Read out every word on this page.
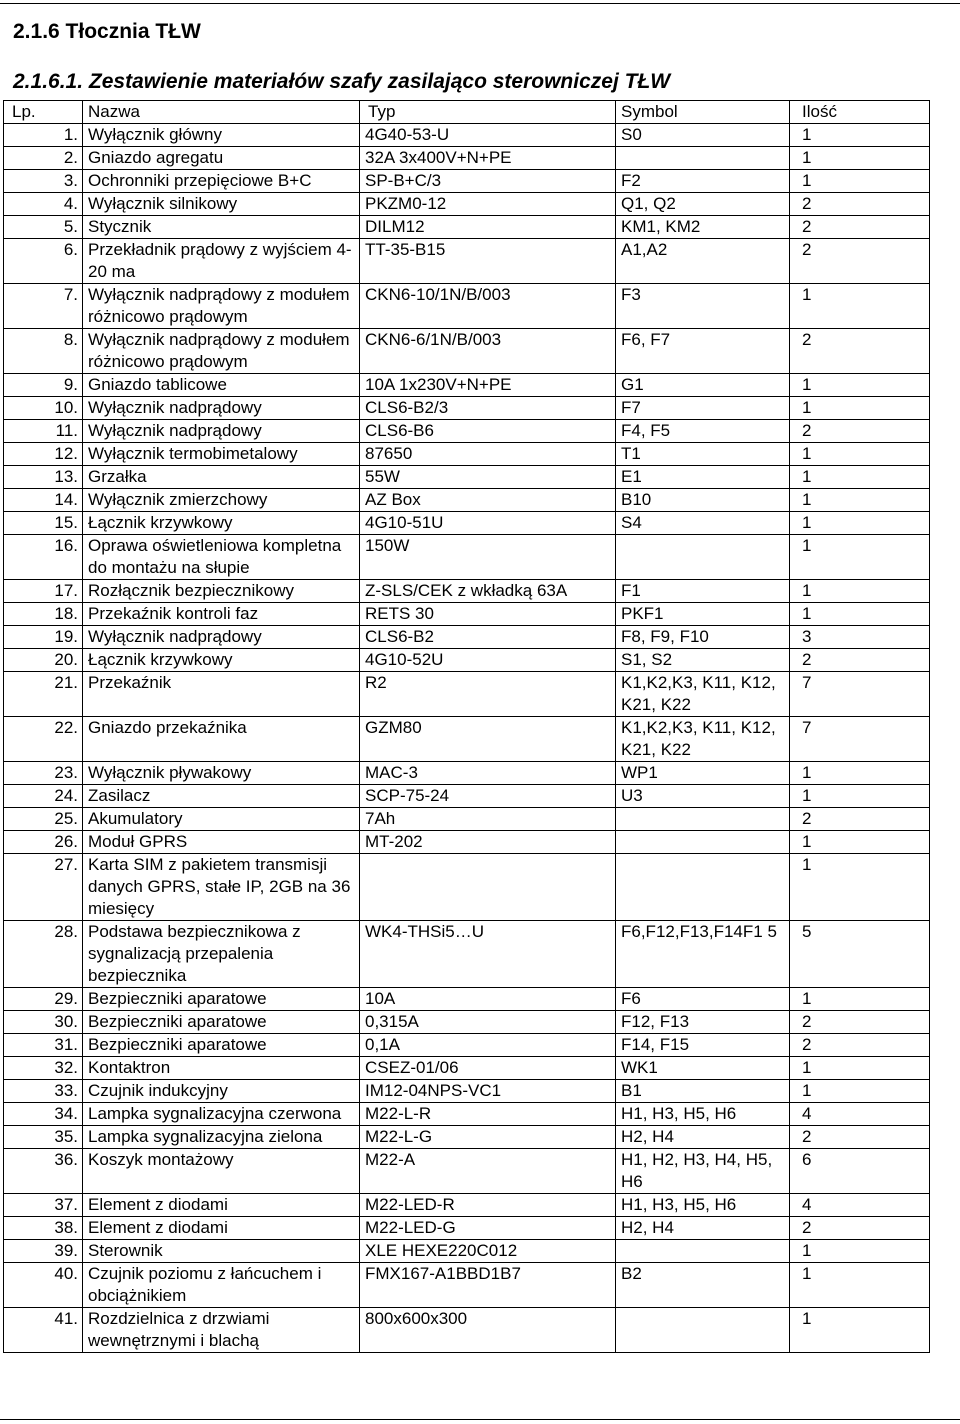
2.1.6 Tłocznia TŁW
2.1.6.1. Zestawienie materiałów szafy zasilająco sterowniczej TŁW
Lp.	Nazwa	Typ	Symbol	Ilość
1.	Wyłącznik główny	4G40-53-U	S0	1
2.	Gniazdo agregatu	32A 3x400V+N+PE		1
3.	Ochronniki przepięciowe B+C	SP-B+C/3	F2	1
4.	Wyłącznik silnikowy	PKZM0-12	Q1, Q2	2
5.	Stycznik	DILM12	KM1, KM2	2
6.	Przekładnik prądowy z wyjściem 4-20 ma	TT-35-B15	A1,A2	2
7.	Wyłącznik nadprądowy z modułem różnicowo prądowym	CKN6-10/1N/B/003	F3	1
8.	Wyłącznik nadprądowy z modułem różnicowo prądowym	CKN6-6/1N/B/003	F6, F7	2
9.	Gniazdo tablicowe	10A 1x230V+N+PE	G1	1
10.	Wyłącznik nadprądowy	CLS6-B2/3	F7	1
11.	Wyłącznik nadprądowy	CLS6-B6	F4, F5	2
12.	Wyłącznik termobimetalowy	87650	T1	1
13.	Grzałka	55W	E1	1
14.	Wyłącznik zmierzchowy	AZ Box	B10	1
15.	Łącznik krzywkowy	4G10-51U	S4	1
16.	Oprawa oświetleniowa kompletna do montażu na słupie	150W		1
17.	Rozłącznik bezpiecznikowy	Z-SLS/CEK z wkładką 63A	F1	1
18.	Przekaźnik kontroli faz	RETS 30	PKF1	1
19.	Wyłącznik nadprądowy	CLS6-B2	F8, F9, F10	3
20.	Łącznik krzywkowy	4G10-52U	S1, S2	2
21.	Przekaźnik	R2	K1,K2,K3, K11, K12, K21, K22	7
22.	Gniazdo przekaźnika	GZM80	K1,K2,K3, K11, K12, K21, K22	7
23.	Wyłącznik pływakowy	MAC-3	WP1	1
24.	Zasilacz	SCP-75-24	U3	1
25.	Akumulatory	7Ah		2
26.	Moduł GPRS	MT-202		1
27.	Karta SIM z pakietem transmisji danych GPRS, stałe IP, 2GB na 36 miesięcy			1
28.	Podstawa bezpiecznikowa z sygnalizacją przepalenia bezpiecznika	WK4-THSi5…U	F6,F12,F13,F14F1 5	5
29.	Bezpieczniki aparatowe	10A	F6	1
30.	Bezpieczniki aparatowe	0,315A	F12, F13	2
31.	Bezpieczniki aparatowe	0,1A	F14, F15	2
32.	Kontaktron	CSEZ-01/06	WK1	1
33.	Czujnik indukcyjny	IM12-04NPS-VC1	B1	1
34.	Lampka sygnalizacyjna czerwona	M22-L-R	H1, H3, H5, H6	4
35.	Lampka sygnalizacyjna zielona	M22-L-G	H2, H4	2
36.	Koszyk montażowy	M22-A	H1, H2, H3, H4, H5, H6	6
37.	Element z diodami	M22-LED-R	H1, H3, H5, H6	4
38.	Element z diodami	M22-LED-G	H2, H4	2
39.	Sterownik	XLE HEXE220C012		1
40.	Czujnik poziomu z łańcuchem i obciążnikiem	FMX167-A1BBD1B7	B2	1
41.	Rozdzielnica z drzwiami wewnętrznymi i blachą	800x600x300		1
